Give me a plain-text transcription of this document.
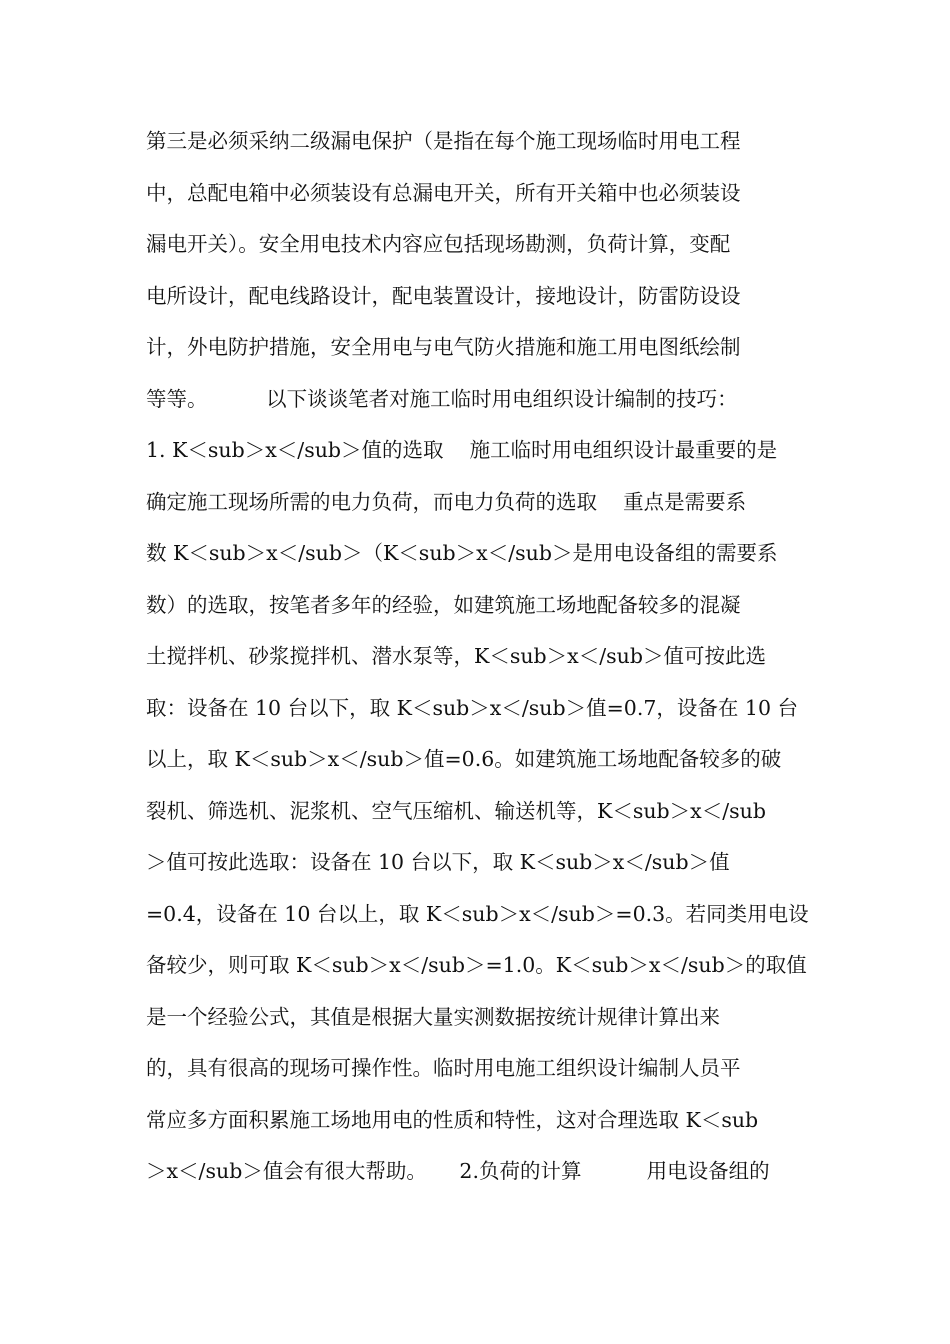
第三是必须采纳二级漏电保护（是指在每个施工现场临时用电工程
中，总配电箱中必须装设有总漏电开关，所有开关箱中也必须装设
漏电开关）。安全用电技术内容应包括现场勘测，负荷计算，变配
电所设计，配电线路设计，配电装置设计，接地设计，防雷防设设
计，外电防护措施，安全用电与电气防火措施和施工用电图纸绘制
等等。         以下谈谈笔者对施工临时用电组织设计编制的技巧：
1. K＜sub＞x＜/sub＞值的选取    施工临时用电组织设计最重要的是
确定施工现场所需的电力负荷，而电力负荷的选取    重点是需要系
数 K＜sub＞x＜/sub＞（K＜sub＞x＜/sub＞是用电设备组的需要系
数）的选取，按笔者多年的经验，如建筑施工场地配备较多的混凝
土搅拌机、砂浆搅拌机、潜水泵等，K＜sub＞x＜/sub＞值可按此选
取：设备在 10 台以下，取 K＜sub＞x＜/sub＞值=0.7，设备在 10 台
以上，取 K＜sub＞x＜/sub＞值=0.6。如建筑施工场地配备较多的破
裂机、筛选机、泥浆机、空气压缩机、输送机等，K＜sub＞x＜/sub
＞值可按此选取：设备在 10 台以下，取 K＜sub＞x＜/sub＞值
=0.4，设备在 10 台以上，取 K＜sub＞x＜/sub＞=0.3。若同类用电设
备较少，则可取 K＜sub＞x＜/sub＞=1.0。K＜sub＞x＜/sub＞的取值
是一个经验公式，其值是根据大量实测数据按统计规律计算出来
的，具有很高的现场可操作性。临时用电施工组织设计编制人员平
常应多方面积累施工场地用电的性质和特性，这对合理选取 K＜sub
＞x＜/sub＞值会有很大帮助。     2.负荷的计算          用电设备组的
